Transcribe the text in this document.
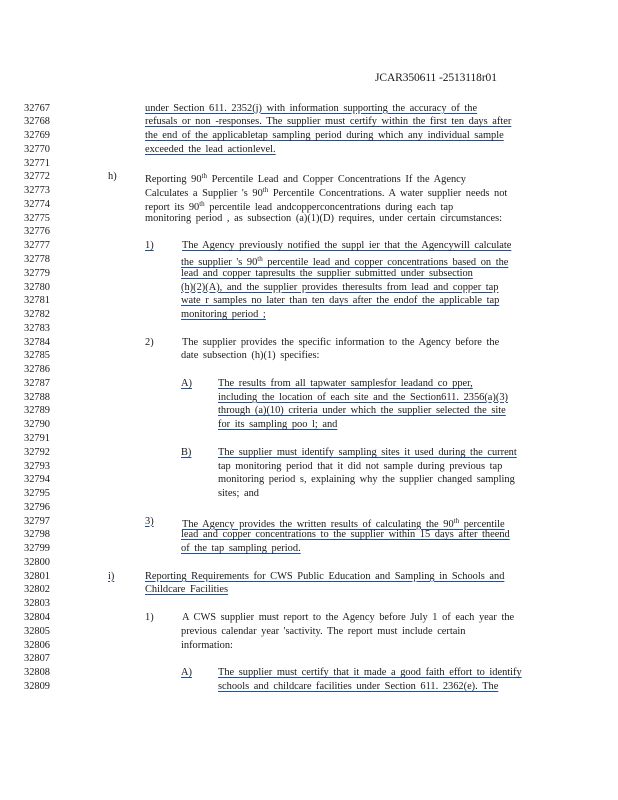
JCAR350611 -2513118r01
32767	under Section 611. 2352(j) with information supporting the accuracy of the
32768	refusals or non -responses. The supplier must certify within the first ten days after
32769	the end of the applicabletap sampling period during which any individual sample
32770	exceeded the lead actionlevel.
32771
32772	h)	Reporting 90th Percentile Lead and Copper Concentrations If the Agency
32773	Calculates a Supplier 's 90th Percentile Concentrations. A water supplier needs not
32774	report its 90th percentile lead andcopperconcentrations during each tap
32775	monitoring period , as subsection (a)(1)(D) requires, under certain circumstances:
32776
32777	1)	The Agency previously notified the suppl ier that the Agencywill calculate
32778	the supplier 's 90th percentile lead and copper concentrations based on the
32779	lead and copper tapresults the supplier submitted under subsection
32780	(h)(2)(A), and the supplier provides theresults from lead and copper tap
32781	wate r samples no later than ten days after the endof the applicable tap
32782	monitoring period ;
32783
32784	2)	The supplier provides the specific information to the Agency before the
32785	date subsection (h)(1) specifies:
32786
32787	A)	The results from all tapwater samplesfor leadand co pper,
32788	including the location of each site and the Section611. 2356(a)(3)
32789	through (a)(10) criteria under which the supplier selected the site
32790	for its sampling poo l; and
32791
32792	B)	The supplier must identify sampling sites it used during the current
32793	tap monitoring period that it did not sample during previous tap
32794	monitoring period s, explaining why the supplier changed sampling
32795	sites; and
32796
32797	3)	The Agency provides the written results of calculating the 90th percentile
32798	lead and copper concentrations to the supplier within 15 days after theend
32799	of the tap sampling period.
32800
32801	i)	Reporting Requirements for CWS Public Education and Sampling in Schools and
32802	Childcare Facilities
32803
32804	1)	A CWS supplier must report to the Agency before July 1 of each year the
32805	previous calendar year 'sactivity. The report must include certain
32806	information:
32807
32808	A)	The supplier must certify that it made a good faith effort to identify
32809	schools and childcare facilities under Section 611. 2362(e). The
